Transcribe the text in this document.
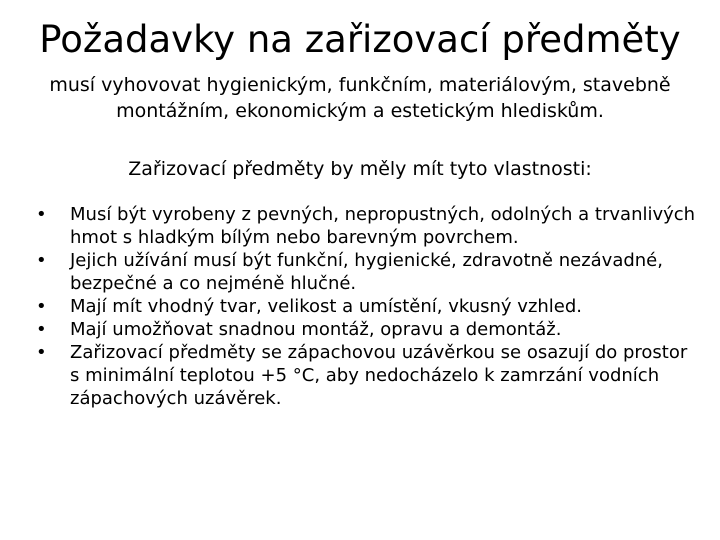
Požadavky na zařizovací předměty

musí vyhovovat hygienickým, funkčním, materiálovým, stavebně montážním, ekonomickým a estetickým hlediskům.

Zařizovací předměty by měly mít tyto vlastnosti:

• Musí být vyrobeny z pevných, nepropustných, odolných a trvanlivých hmot s hladkým bílým nebo barevným povrchem.
• Jejich užívání musí být funkční, hygienické, zdravotně nezávadné, bezpečné a co nejméně hlučné.
• Mají mít vhodný tvar, velikost a umístění, vkusný vzhled.
• Mají umožňovat snadnou montáž, opravu a demontáž.
• Zařizovací předměty se zápachovou uzávěrkou se osazují do prostor s minimální teplotou +5 °C, aby nedocházelo k zamrzání vodních zápachových uzávěrek.
